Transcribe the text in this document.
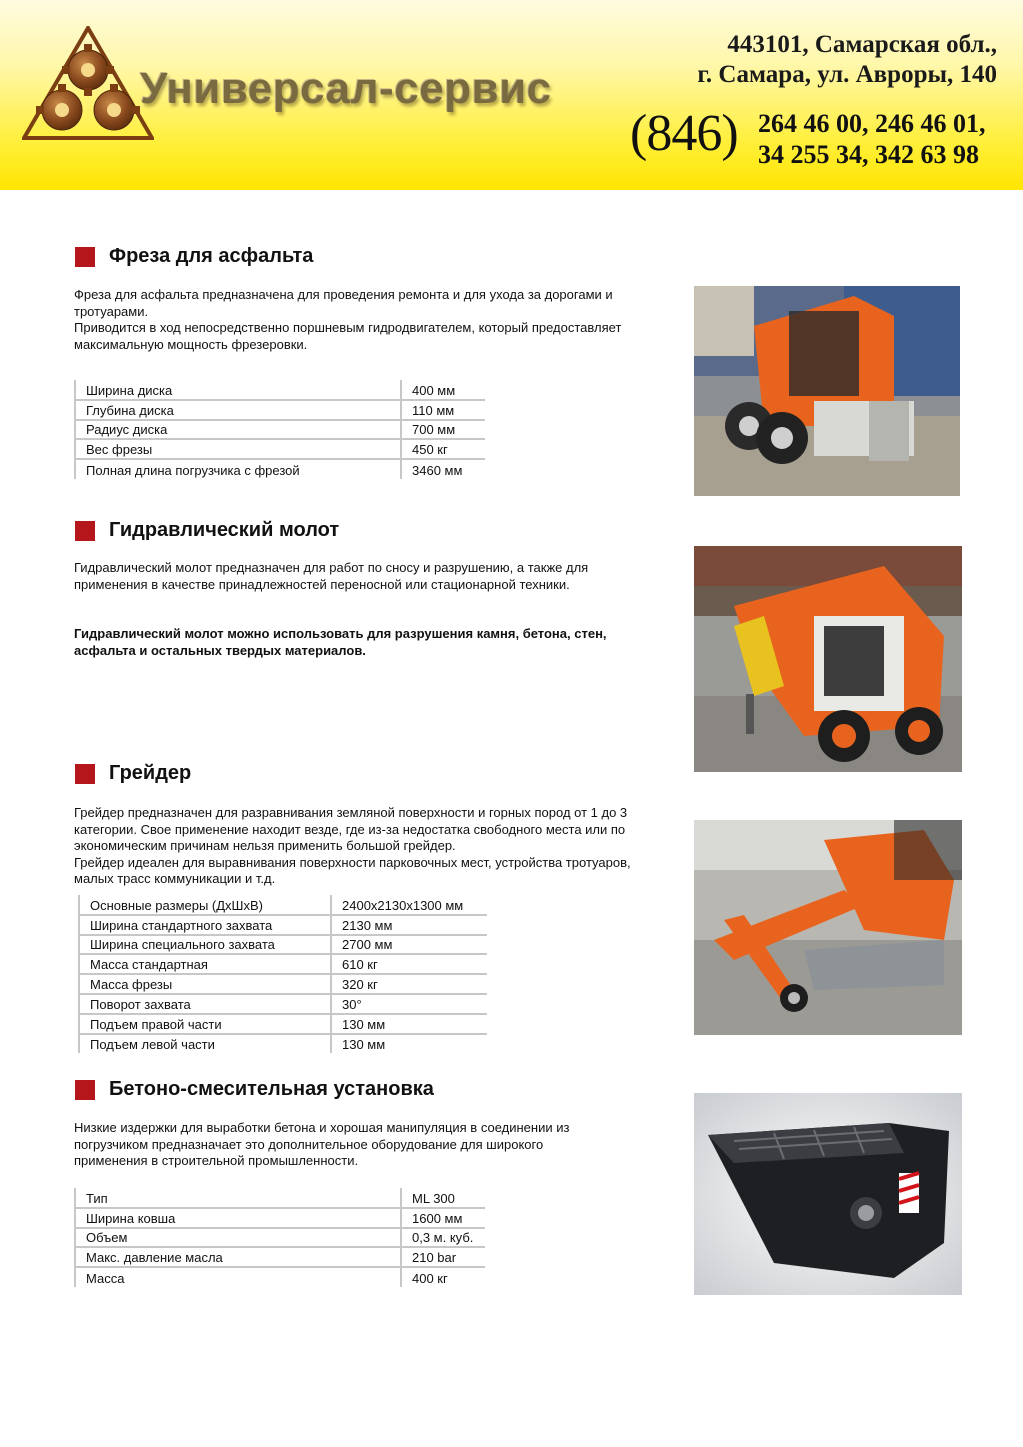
Универсал-сервис
443101, Самарская обл.,
г. Самара, ул. Авроры, 140
(846) 264 46 00, 246 46 01,
34 255 34, 342 63 98
Фреза для асфальта

Фреза для асфальта предназначена для проведения ремонта и для ухода за дорогами и тротуарами.

Приводится в ход непосредственно поршневым гидродвигателем, который предоставляет максимальную мощность фрезеровки.

Ширина диска	400 мм
Глубина диска	110 мм
Радиус диска	700 мм
Вес фрезы	450 кг
Полная длина погрузчика с фрезой	3460 мм
Гидравлический молот

Гидравлический молот предназначен для работ по сносу и разрушению, а также для применения в качестве принадлежностей переносной или стационарной техники.

Гидравлический молот можно использовать для разрушения камня, бетона, стен, асфальта и остальных твердых материалов.
Грейдер

Грейдер предназначен для разравнивания земляной поверхности и горных пород от 1 до 3 категории. Свое применение находит везде, где из-за недостатка свободного места или по экономическим причинам нельзя применить большой грейдер.

Грейдер идеален для выравнивания поверхности парковочных мест, устройства тротуаров, малых трасс коммуникации и т.д.

Основные размеры (ДхШхВ)	2400х2130х1300 мм
Ширина стандартного захвата	2130 мм
Ширина специального захвата	2700 мм
Масса стандартная	610 кг
Масса фрезы	320 кг
Поворот захвата	30°
Подъем правой части	130 мм
Подъем левой части	130 мм
Бетоно-смесительная установка

Низкие издержки для выработки бетона и хорошая манипуляция в соединении из погрузчиком предназначает это дополнительное оборудование для широкого применения в строительной промышленности.

Тип	ML 300
Ширина ковша	1600 мм
Объем	0,3 м. куб.
Макс. давление масла	210 bar
Масса	400 кг
